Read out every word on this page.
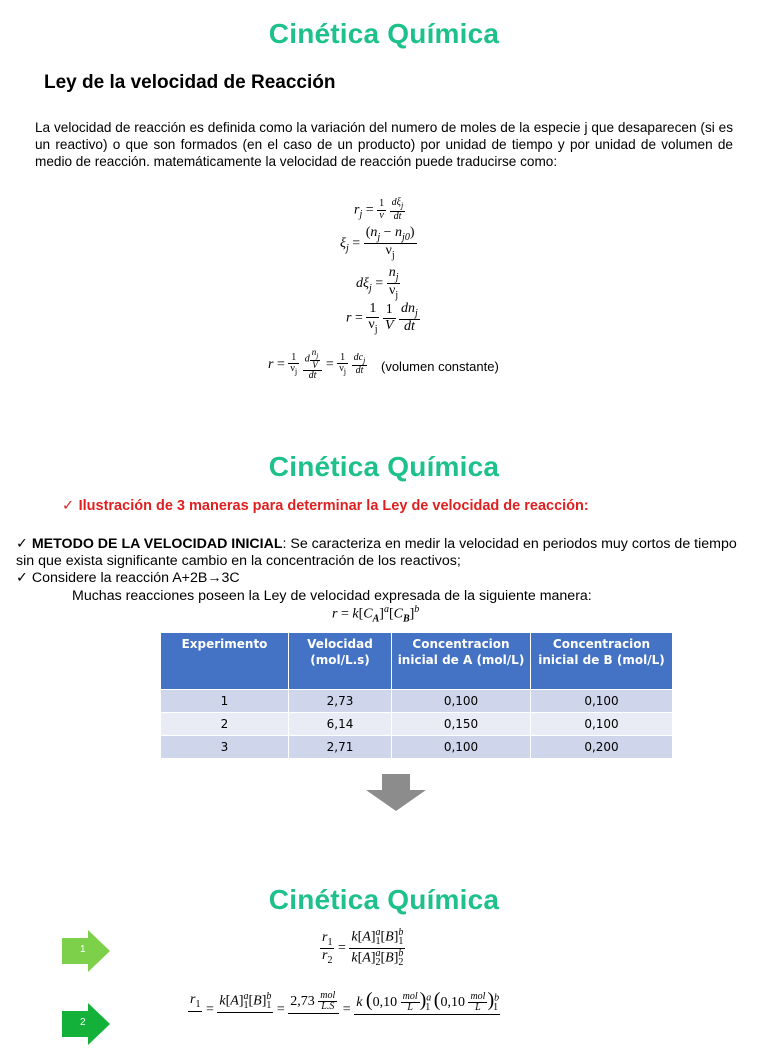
Cinética Química
Ley de la velocidad de Reacción
La velocidad de reacción es definida como la variación del numero de moles de la especie j que desaparecen (si es un reactivo) o que son formados (en el caso de un producto) por unidad de tiempo y por unidad de volumen de medio de reacción. matemáticamente la velocidad de reacción puede traducirse como:
$r_j = \frac{1}{v}$
$\frac{d\xi_j}{dt}$
$\xi_j = \frac{(n_j - n_{j0})}{\nu_j}$
$d\xi_j = \frac{n_j}{\nu_j}$
$r = \frac{1}{\nu_j}$
$\frac{1}{V}$
$\frac{dn_j}{dt}$
$r = \frac{1}{\nu_j}$
$\frac{d \frac{n_j}{V}}{dt} = \frac{1}{\nu_j}$
$\frac{dc_j}{dt}$ (volumen constante)
Cinética Química
✓ Ilustración de 3 maneras para determinar la Ley de velocidad de reacción:
✓ METODO DE LA VELOCIDAD INICIAL: Se caracteriza en medir la velocidad en periodos muy cortos de tiempo sin que exista significante cambio en la concentración de los reactivos;
✓ Considere la reacción A+2B→3C
Muchas reacciones poseen la Ley de velocidad expresada de la siguiente manera:
$r = k[C_A]^a[C_B]^b$
Experimento	Velocidad (mol/L.s)	Concentracion inicial de A (mol/L)	Concentracion inicial de B (mol/L)
1	2,73	0,100	0,100
2	6,14	0,150	0,100
3	2,71	0,100	0,200
Cinética Química
1	$\frac{r_1}{r_2} = \frac{k[A]^a_1[B]^b_1}{k[A]^a_2[B]^b_2}$
2
$r_1$
=
$k[A]^a_1[B]^b_1$
=
$2,73 \frac{\text{mol}}{L.S}$
= k $(0,10 \frac{\text{mol}}{L} )^a_1$ $(0,10 \frac{\text{mol}}{L} )^b_1$
